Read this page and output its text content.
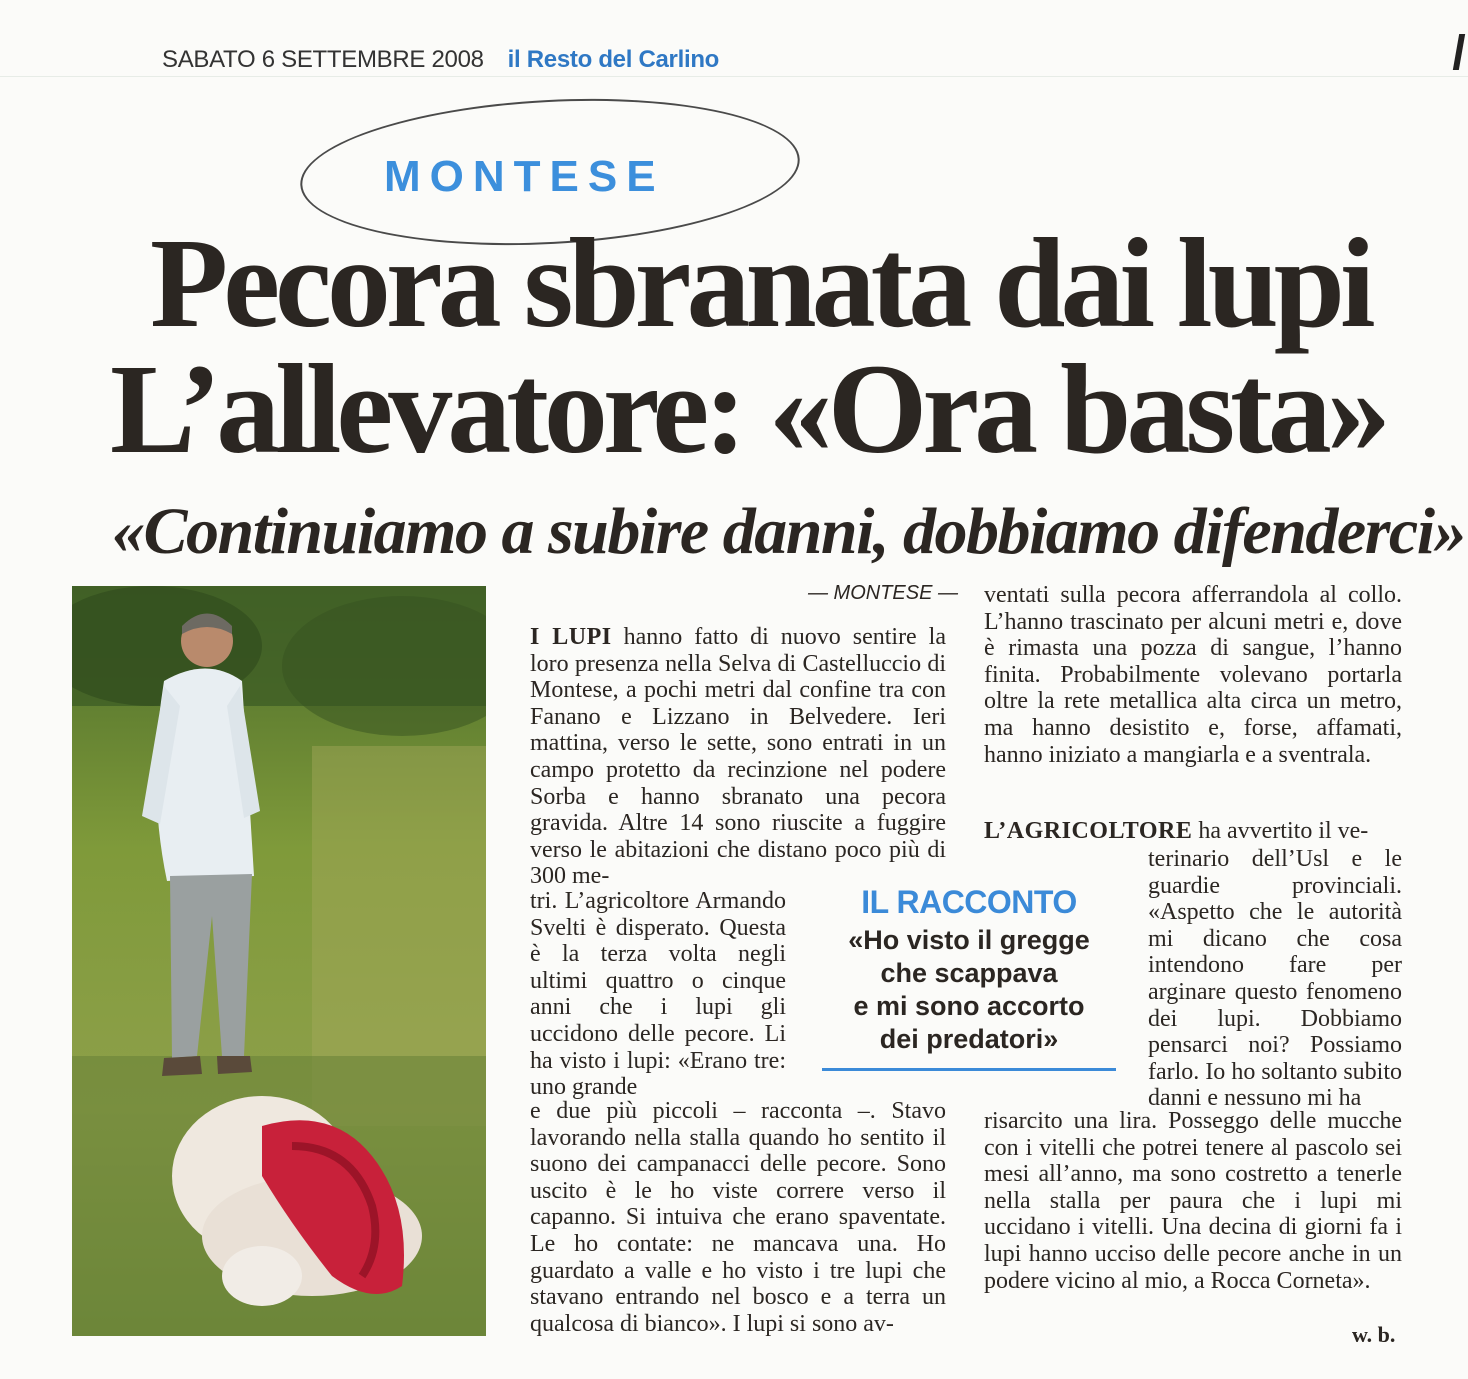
SABATO 6 SETTEMBRE 2008 il Resto del Carlino
MONTESE
Pecora sbranata dai lupi
L’allevatore: «Ora basta»
«Continuiamo a subire danni, dobbiamo difenderci»
— MONTESE —

I LUPI hanno fatto di nuovo sentire la loro presenza nella Selva di Castelluccio di Montese, a pochi metri dal confine tra con Fanano e Lizzano in Belvedere. Ieri mattina, verso le sette, sono entrati in un campo protetto da recinzione nel podere Sorba e hanno sbranato una pecora gravida. Altre 14 sono riuscite a fuggire verso le abitazioni che distano poco più di 300 me-

tri. L’agricoltore Armando Svelti è disperato. Questa è la terza volta negli ultimi quattro o cinque anni che i lupi gli uccidono delle pecore. Li ha visto i lupi: «Erano tre: uno grande

e due più piccoli – racconta –. Stavo lavorando nella stalla quando ho sentito il suono dei campanacci delle pecore. Sono uscito è le ho viste correre verso il capanno. Si intuiva che erano spaventate. Le ho contate: ne mancava una. Ho guardato a valle e ho visto i tre lupi che stavano entrando nel bosco e a terra un qualcosa di bianco». I lupi si sono av-

ventati sulla pecora afferrandola al collo. L’hanno trascinato per alcuni metri e, dove è rimasta una pozza di sangue, l’hanno finita. Probabilmente volevano portarla oltre la rete metallica alta circa un metro, ma hanno desistito e, forse, affamati, hanno iniziato a mangiarla e a sventrala.

L’AGRICOLTORE ha avvertito il ve-

terinario dell’Usl e le guardie provinciali. «Aspetto che le autorità mi dicano che cosa intendono fare per arginare questo fenomeno dei lupi. Dobbiamo pensarci noi? Possiamo farlo. Io ho soltanto subito danni e nessuno mi ha

risarcito una lira. Posseggo delle mucche con i vitelli che potrei tenere al pascolo sei mesi all’anno, ma sono costretto a tenerle nella stalla per paura che i lupi mi uccidano i vitelli. Una decina di giorni fa i lupi hanno ucciso delle pecore anche in un podere vicino al mio, a Rocca Corneta».

w. b.

IL RACCONTO

«Ho visto il gregge
che scappava
e mi sono accorto
dei predatori»
